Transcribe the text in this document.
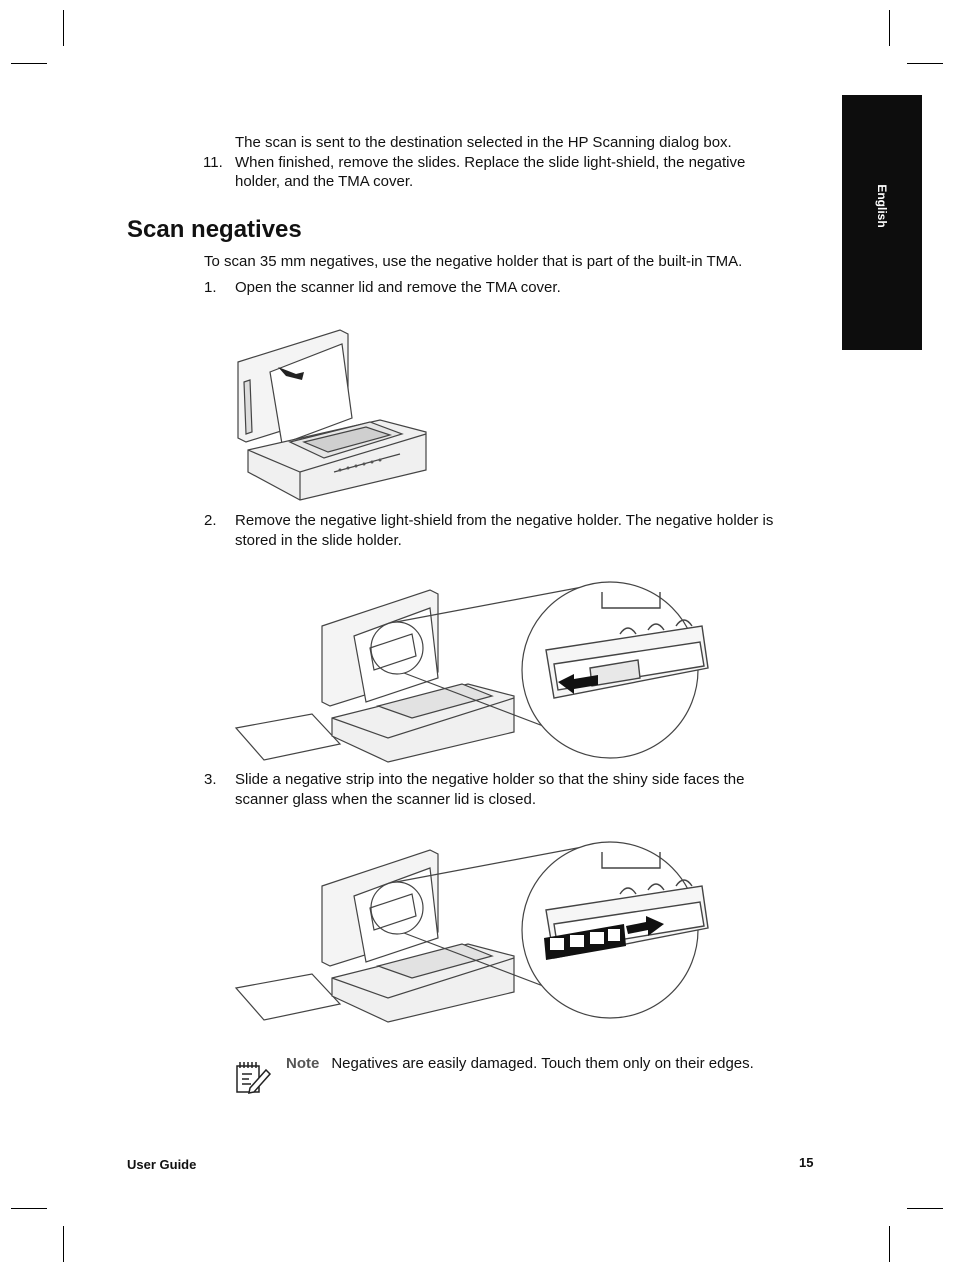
English
The scan is sent to the destination selected in the HP Scanning dialog box.
11. When finished, remove the slides. Replace the slide light-shield, the negative
holder, and the TMA cover.
Scan negatives
To scan 35 mm negatives, use the negative holder that is part of the built-in TMA.
1. Open the scanner lid and remove the TMA cover.
2. Remove the negative light-shield from the negative holder. The negative holder is
stored in the slide holder.
3. Slide a negative strip into the negative holder so that the shiny side faces the
scanner glass when the scanner lid is closed.
Note Negatives are easily damaged. Touch them only on their edges.
User Guide	15
